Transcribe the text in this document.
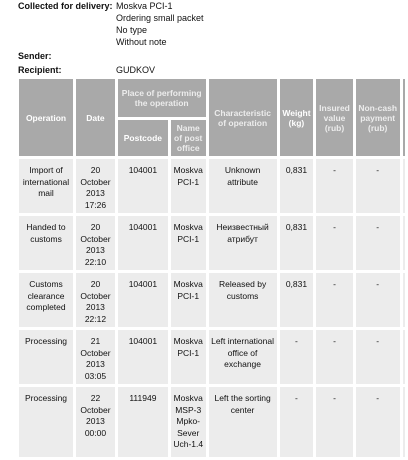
Collected for delivery: Moskva PCI-1
Ordering small packet
No type
Without note
Sender:
Recipient:	GUDKOV
Operation	Date	Place of performing the operation		Characteristic of operation	Weight (kg)	Insured value (rub)	Non-cash payment (rub)	
		Postcode	Name of post office					
Import of international mail	20 October 2013 17:26	104001	Moskva PCI-1	Unknown attribute	0,831	-	-	
Handed to customs	20 October 2013 22:10	104001	Moskva PCI-1	Неизвестный атрибут	0,831	-	-	
Customs clearance completed	20 October 2013 22:12	104001	Moskva PCI-1	Released by customs	0,831	-	-	
Processing	21 October 2013 03:05	104001	Moskva PCI-1	Left international office of exchange	-	-	-	
Processing	22 October 2013 00:00	111949	Moskva MSP-3 Mpko-Sever Uch-1.4	Left the sorting center	-	-	-	
